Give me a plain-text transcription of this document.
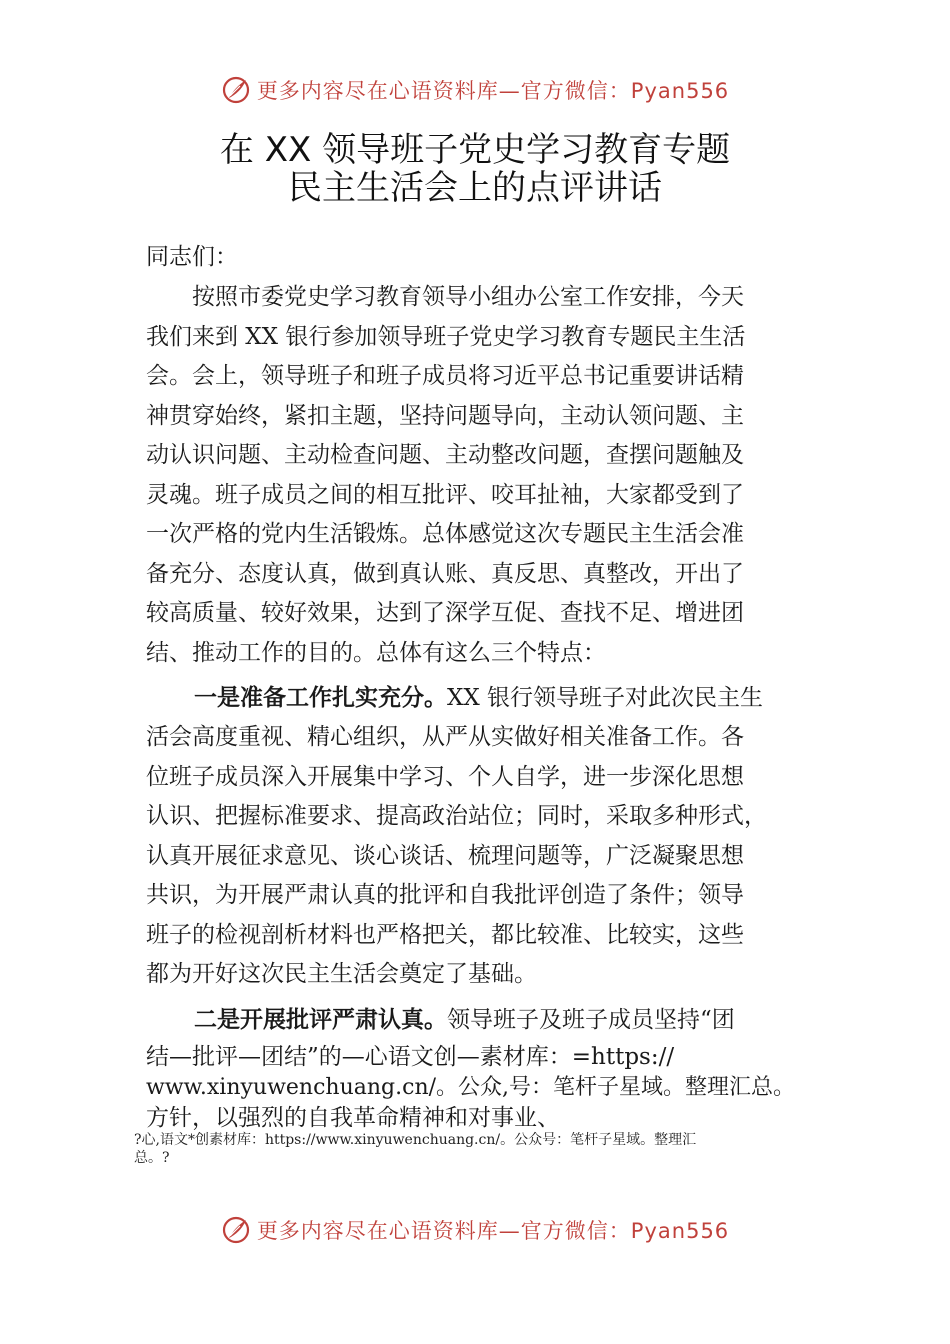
更多内容尽在心语资料库—官方微信：Pyan556
在 XX 领导班子党史学习教育专题
民主生活会上的点评讲话
同志们：
　　按照市委党史学习教育领导小组办公室工作安排，今天
我们来到 XX 银行参加领导班子党史学习教育专题民主生活
会。会上，领导班子和班子成员将习近平总书记重要讲话精
神贯穿始终，紧扣主题，坚持问题导向，主动认领问题、主
动认识问题、主动检查问题、主动整改问题，查摆问题触及
灵魂。班子成员之间的相互批评、咬耳扯袖，大家都受到了
一次严格的党内生活锻炼。总体感觉这次专题民主生活会准
备充分、态度认真，做到真认账、真反思、真整改，开出了
较高质量、较好效果，达到了深学互促、查找不足、增进团
结、推动工作的目的。总体有这么三个特点：
一是准备工作扎实充分。XX 银行领导班子对此次民主生
活会高度重视、精心组织，从严从实做好相关准备工作。各
位班子成员深入开展集中学习、个人自学，进一步深化思想
认识、把握标准要求、提高政治站位；同时，采取多种形式，
认真开展征求意见、谈心谈话、梳理问题等，广泛凝聚思想
共识，为开展严肃认真的批评和自我批评创造了条件；领导
班子的检视剖析材料也严格把关，都比较准、比较实，这些
都为开好这次民主生活会奠定了基础。
二是开展批评严肃认真。领导班子及班子成员坚持“团
结—批评—团结”的—心语文创—素材库：=https://
www.xinyuwenchuang.cn/。公众,号：笔杆子星域。整理汇总。
方针，以强烈的自我革命精神和对事业、
?心,语文*创素材库：https://www.xinyuwenchuang.cn/。公众号：笔杆子星域。整理汇
总。?
更多内容尽在心语资料库—官方微信：Pyan556
